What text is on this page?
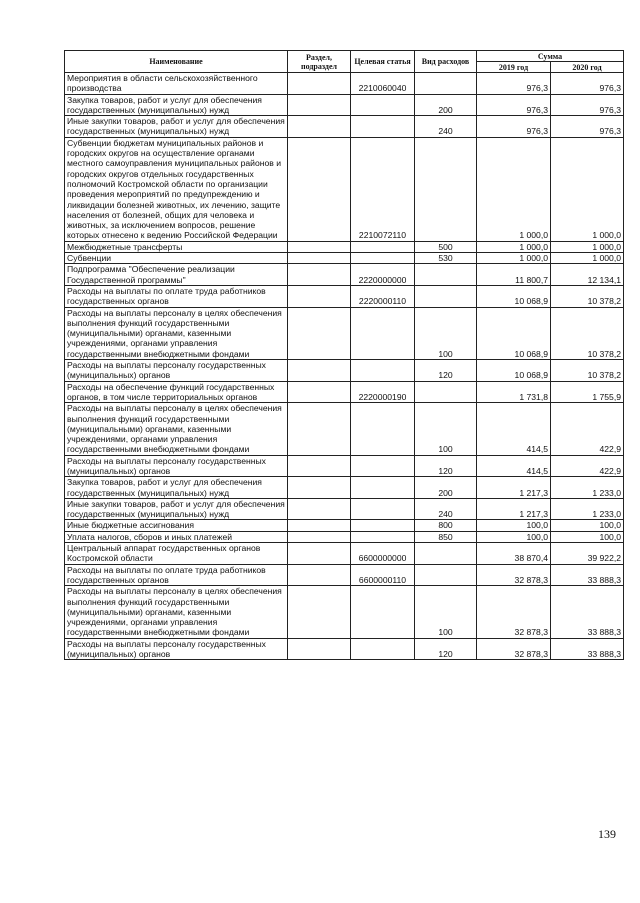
Наименование	Раздел, подраздел	Целевая статья	Вид расходов	Сумма	
				2019 год	2020 год
Мероприятия в области сельскохозяйственного производства		2210060040		976,3	976,3
Закупка товаров, работ и услуг для обеспечения государственных (муниципальных) нужд			200	976,3	976,3
Иные закупки товаров, работ и услуг для обеспечения государственных (муниципальных) нужд			240	976,3	976,3
Субвенции бюджетам муниципальных районов и городских округов на осуществление органами местного самоуправления муниципальных районов и городских округов отдельных государственных полномочий Костромской области по организации проведения мероприятий по предупреждению и ликвидации болезней животных, их лечению, защите населения от болезней, общих для человека и животных, за исключением вопросов, решение которых отнесено к ведению Российской Федерации		2210072110		1 000,0	1 000,0
Межбюджетные трансферты			500	1 000,0	1 000,0
Субвенции			530	1 000,0	1 000,0
Подпрограмма "Обеспечение реализации Государственной программы"		2220000000		11 800,7	12 134,1
Расходы на выплаты по оплате труда работников государственных органов		2220000110		10 068,9	10 378,2
Расходы на выплаты персоналу в целях обеспечения выполнения функций государственными (муниципальными) органами, казенными учреждениями, органами управления государственными внебюджетными фондами			100	10 068,9	10 378,2
Расходы на выплаты персоналу государственных (муниципальных) органов			120	10 068,9	10 378,2
Расходы на обеспечение функций государственных органов, в том числе территориальных органов		2220000190		1 731,8	1 755,9
Расходы на выплаты персоналу в целях обеспечения выполнения функций государственными (муниципальными) органами, казенными учреждениями, органами управления государственными внебюджетными фондами			100	414,5	422,9
Расходы на выплаты персоналу государственных (муниципальных) органов			120	414,5	422,9
Закупка товаров, работ и услуг для обеспечения государственных (муниципальных) нужд			200	1 217,3	1 233,0
Иные закупки товаров, работ и услуг для обеспечения государственных (муниципальных) нужд			240	1 217,3	1 233,0
Иные бюджетные ассигнования			800	100,0	100,0
Уплата налогов, сборов и иных платежей			850	100,0	100,0
Центральный аппарат государственных органов Костромской области		6600000000		38 870,4	39 922,2
Расходы на выплаты по оплате труда работников государственных органов		6600000110		32 878,3	33 888,3
Расходы на выплаты персоналу в целях обеспечения выполнения функций государственными (муниципальными) органами, казенными учреждениями, органами управления государственными внебюджетными фондами			100	32 878,3	33 888,3
Расходы на выплаты персоналу государственных (муниципальных) органов			120	32 878,3	33 888,3
139
